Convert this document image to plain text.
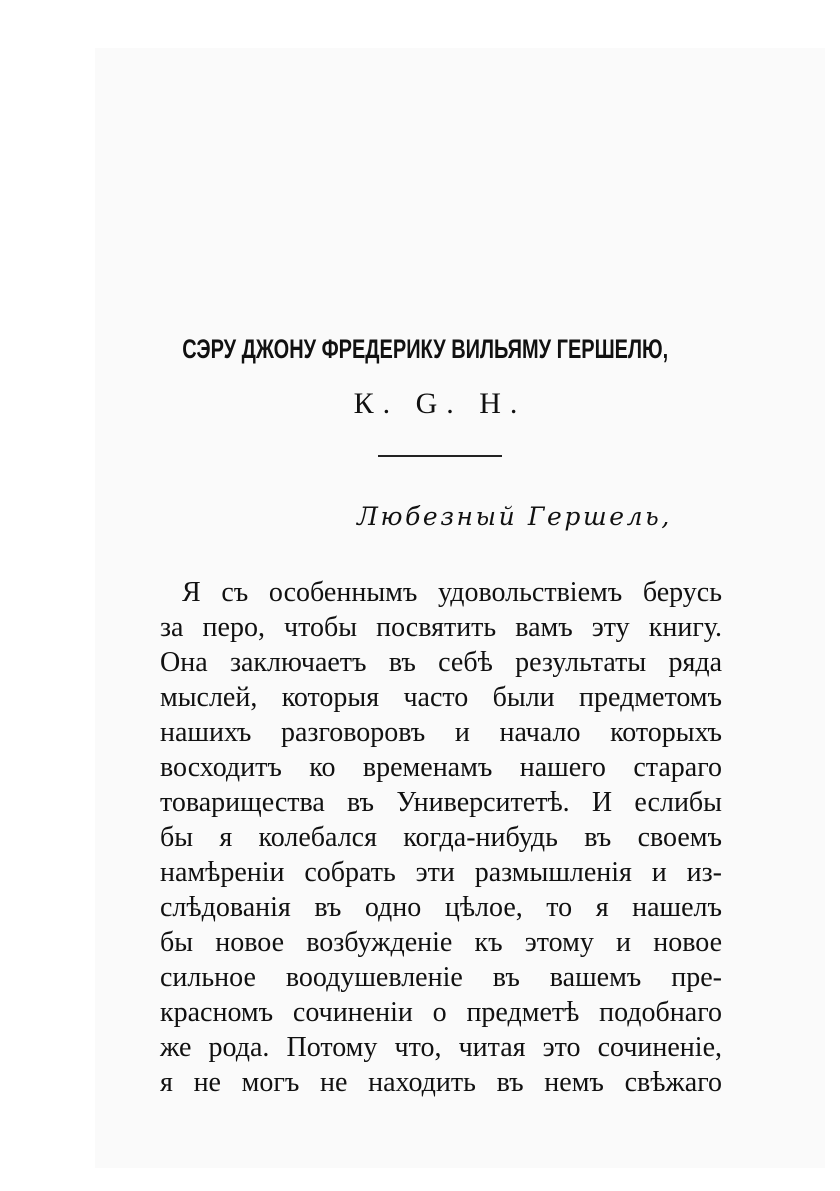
СЭРУ ДЖОНУ ФРЕДЕРИКУ ВИЛЬЯМУ ГЕРШЕЛЮ,
К. G. H.
Любезный Гершель,
Я съ особеннымъ удовольствіемъ берусь
за перо, чтобы посвятить вамъ эту книгу.
Она заключаетъ въ себѣ результаты ряда
мыслей, которыя часто были предметомъ
нашихъ разговоровъ и начало которыхъ
восходитъ ко временамъ нашего стараго
товарищества въ Университетѣ. И еслибы
бы я колебался когда-нибудь въ своемъ
намѣреніи собрать эти размышленія и из-
слѣдованія въ одно цѣлое, то я нашелъ
бы новое возбужденіе къ этому и новое
сильное воодушевленіе въ вашемъ пре-
красномъ сочиненіи о предметѣ подобнаго
же рода. Потому что, читая это сочиненіе,
я не могъ не находить въ немъ свѣжаго
